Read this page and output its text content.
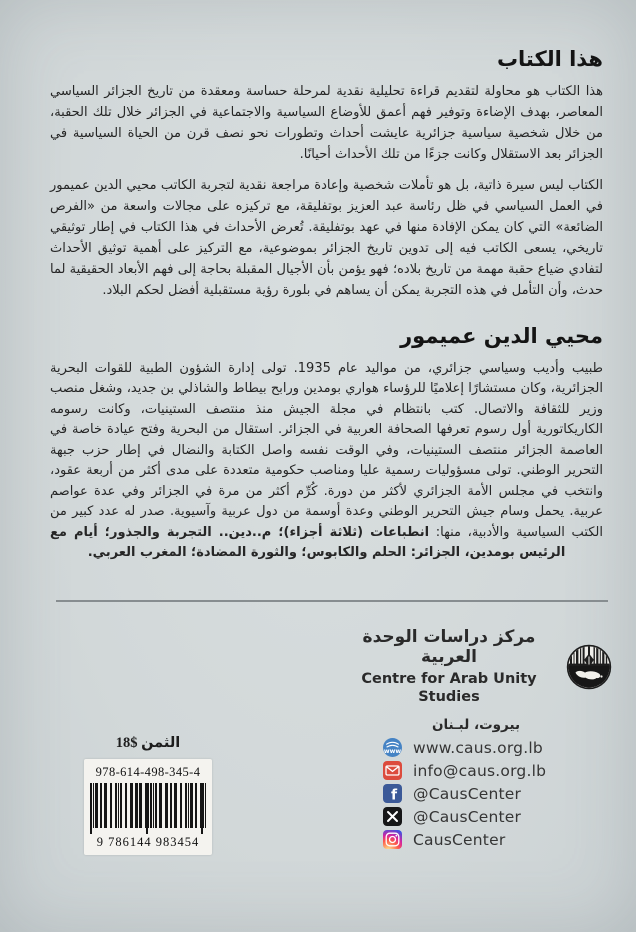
هذا الكتاب

هذا الكتاب هو محاولة لتقديم قراءة تحليلية نقدية لمرحلة حساسة ومعقدة من تاريخ الجزائر السياسي المعاصر، بهدف الإضاءة وتوفير فهم أعمق للأوضاع السياسية والاجتماعية في الجزائر خلال تلك الحقبة، من خلال شخصية سياسية جزائرية عايشت أحداث وتطورات نحو نصف قرن من الحياة السياسية في الجزائر بعد الاستقلال وكانت جزءًا من تلك الأحداث أحيانًا.

الكتاب ليس سيرة ذاتية، بل هو تأملات شخصية وإعادة مراجعة نقدية لتجربة الكاتب محيي الدين عميمور في العمل السياسي في ظل رئاسة عبد العزيز بوتفليقة، مع تركيزه على مجالات واسعة من «الفرص الضائعة» التي كان يمكن الإفادة منها في عهد بوتفليقة. تُعرض الأحداث في هذا الكتاب في إطار توثيقي تاريخي، يسعى الكاتب فيه إلى تدوين تاريخ الجزائر بموضوعية، مع التركيز على أهمية توثيق الأحداث لتفادي ضياع حقبة مهمة من تاريخ بلاده؛ فهو يؤمن بأن الأجيال المقبلة بحاجة إلى فهم الأبعاد الحقيقية لما حدث، وأن التأمل في هذه التجربة يمكن أن يساهم في بلورة رؤية مستقبلية أفضل لحكم البلاد.

محيي الدين عميمور

طبيب وأديب وسياسي جزائري، من مواليد عام 1935. تولى إدارة الشؤون الطبية للقوات البحرية الجزائرية، وكان مستشارًا إعلاميًا للرؤساء هواري بومدين ورابح بيطاط والشاذلي بن جديد، وشغل منصب وزير للثقافة والاتصال. كتب بانتظام في مجلة الجيش منذ منتصف الستينيات، وكانت رسومه الكاريكاتورية أول رسوم تعرفها الصحافة العربية في الجزائر. استقال من البحرية وفتح عيادة خاصة في العاصمة الجزائر منتصف الستينيات، وفي الوقت نفسه واصل الكتابة والنضال في إطار حزب جبهة التحرير الوطني. تولى مسؤوليات رسمية عليا ومناصب حكومية متعددة على مدى أكثر من أربعة عقود، وانتخب في مجلس الأمة الجزائري لأكثر من دورة. كُرِّم أكثر من مرة في الجزائر وفي عدة عواصم عربية. يحمل وسام جيش التحرير الوطني وعدة أوسمة من دول عربية وآسيوية. صدر له عدد كبير من الكتب السياسية والأدبية، منها: انطباعات (ثلاثة أجزاء)؛ م..دين.. التجربة والجذور؛ أيام مع الرئيس بومدين، الجزائر: الحلم والكابوس؛ والثورة المضادة؛ المغرب العربي.

مركز دراسات الوحدة العربية
Centre for Arab Unity Studies
بيروت، لبـنان
www www.caus.org.lb
info@caus.org.lb
f @CausCenter
@CausCenter
CausCenter
الثمن $18
978-614-498-345-4
9 786144 983454
